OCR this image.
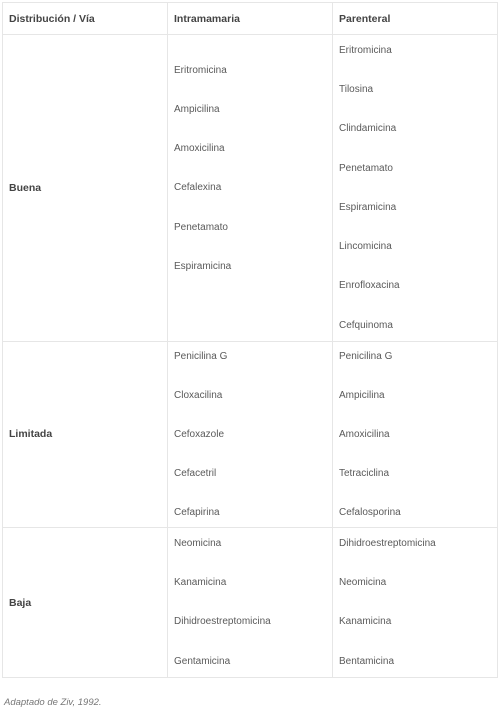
Distribución / Vía	Intramamaria	Parenteral
Buena
Eritromicina
Ampicilina
Amoxicilina
Cefalexina
Penetamato
Espiramicina
Eritromicina
Tilosina
Clindamicina
Penetamato
Espiramicina
Lincomicina
Enrofloxacina
Cefquinoma
Limitada
Penicilina G
Cloxacilina
Cefoxazole
Cefacetril
Cefapirina
Penicilina G
Ampicilina
Amoxicilina
Tetraciclina
Cefalosporina
Baja
Neomicina
Kanamicina
Dihidroestreptomicina
Gentamicina
Dihidroestreptomicina
Neomicina
Kanamicina
Bentamicina
Adaptado de Ziv, 1992.
